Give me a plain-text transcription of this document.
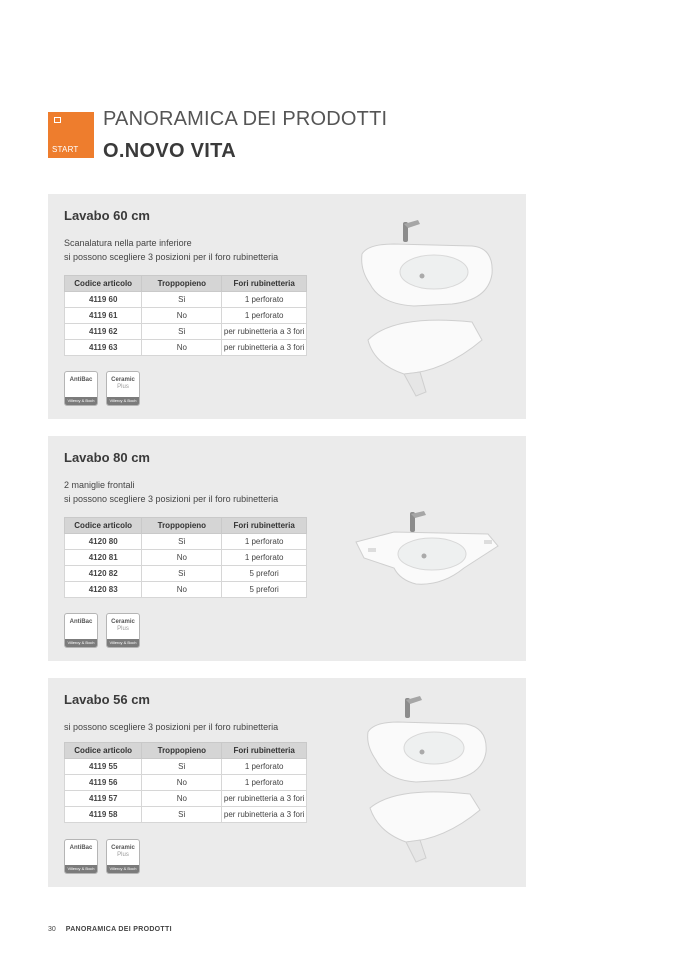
START
PANORAMICA DEI PRODOTTI
O.NOVO VITA
Lavabo 60 cm
Scanalatura nella parte inferiore
si possono scegliere 3 posizioni per il foro rubinetteria
Codice articolo	Troppopieno	Fori rubinetteria
4119 60	Sì	1 perforato
4119 61	No	1 perforato
4119 62	Sì	per rubinetteria a 3 fori
4119 63	No	per rubinetteria a 3 fori
AntiBac
Villeroy & Boch
Ceramic
Plus
Villeroy & Boch
Lavabo 80 cm
2 maniglie frontali
si possono scegliere 3 posizioni per il foro rubinetteria
Codice articolo	Troppopieno	Fori rubinetteria
4120 80	Sì	1 perforato
4120 81	No	1 perforato
4120 82	Sì	5 prefori
4120 83	No	5 prefori
AntiBac
Villeroy & Boch
Ceramic
Plus
Villeroy & Boch
Lavabo 56 cm
si possono scegliere 3 posizioni per il foro rubinetteria
Codice articolo	Troppopieno	Fori rubinetteria
4119 55	Sì	1 perforato
4119 56	No	1 perforato
4119 57	No	per rubinetteria a 3 fori
4119 58	Sì	per rubinetteria a 3 fori
AntiBac
Villeroy & Boch
Ceramic
Plus
Villeroy & Boch
30 PANORAMICA DEI PRODOTTI
